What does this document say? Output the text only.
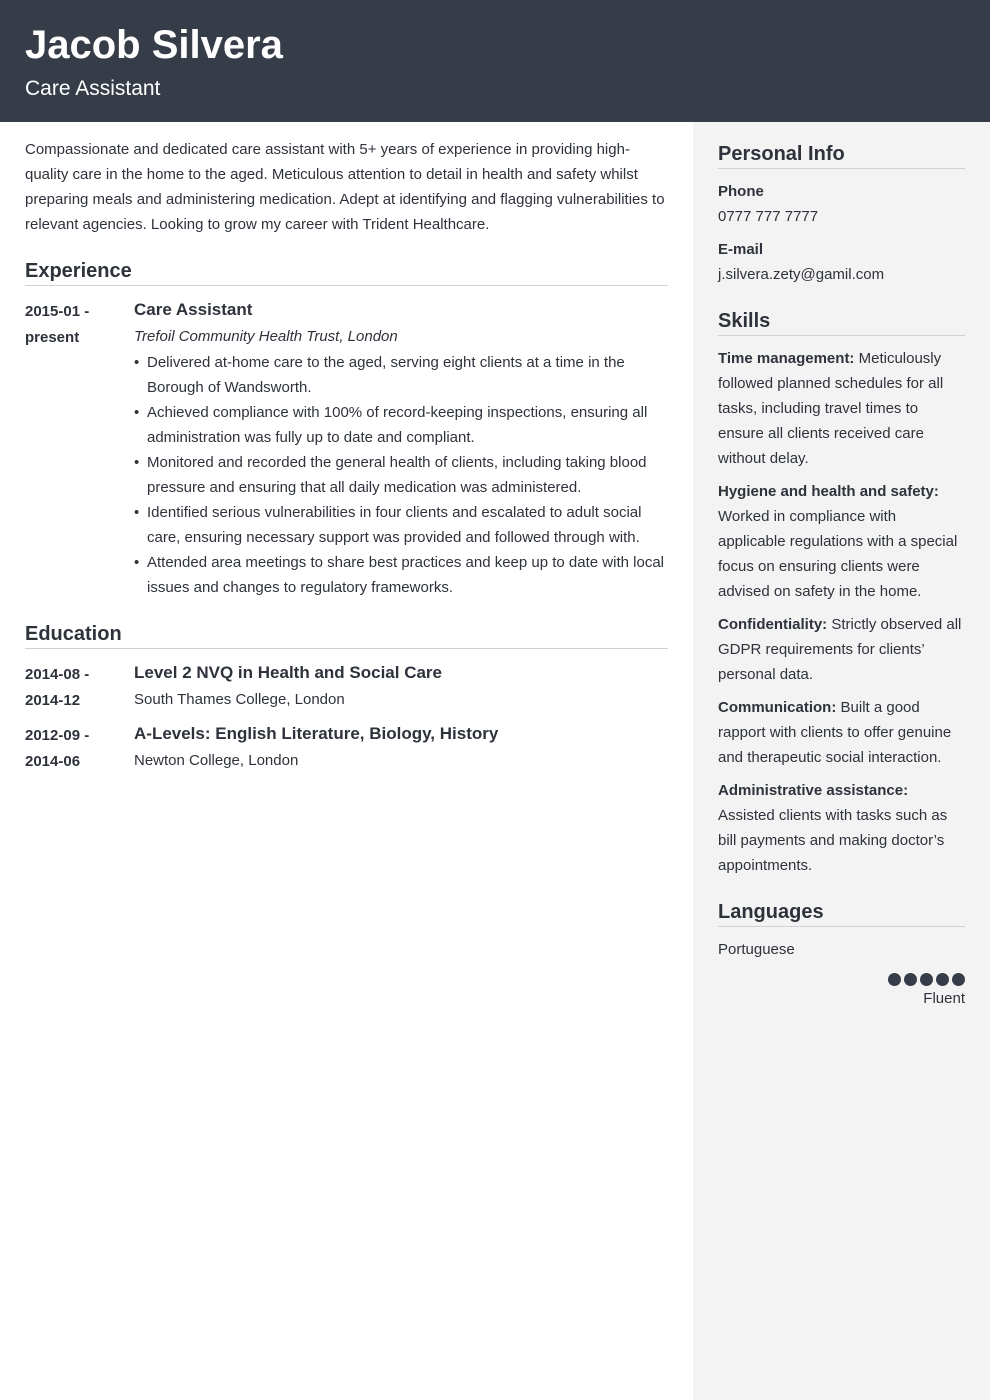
Jacob Silvera
Care Assistant

Compassionate and dedicated care assistant with 5+ years of experience in providing high-quality care in the home to the aged. Meticulous attention to detail in health and safety whilst preparing meals and administering medication. Adept at identifying and flagging vulnerabilities to relevant agencies. Looking to grow my career with Trident Healthcare.

Experience
2015-01 -
present
Care Assistant
Trefoil Community Health Trust, London
• Delivered at-home care to the aged, serving eight clients at a time in the Borough of Wandsworth.
• Achieved compliance with 100% of record-keeping inspections, ensuring all administration was fully up to date and compliant.
• Monitored and recorded the general health of clients, including taking blood pressure and ensuring that all daily medication was administered.
• Identified serious vulnerabilities in four clients and escalated to adult social care, ensuring necessary support was provided and followed through with.
• Attended area meetings to share best practices and keep up to date with local issues and changes to regulatory frameworks.
Education
2014-08 -
2014-12
Level 2 NVQ in Health and Social Care
South Thames College, London
2012-09 -
2014-06
A-Levels: English Literature, Biology, History
Newton College, London
Personal Info
Phone
0777 777 7777
E-mail
j.silvera.zety@gamil.com
Skills
Time management: Meticulously followed planned schedules for all tasks, including travel times to ensure all clients received care without delay.
Hygiene and health and safety: Worked in compliance with applicable regulations with a special focus on ensuring clients were advised on safety in the home.
Confidentiality: Strictly observed all GDPR requirements for clients’ personal data.
Communication: Built a good rapport with clients to offer genuine and therapeutic social interaction.
Administrative assistance: Assisted clients with tasks such as bill payments and making doctor’s appointments.
Languages
Portuguese
Fluent
